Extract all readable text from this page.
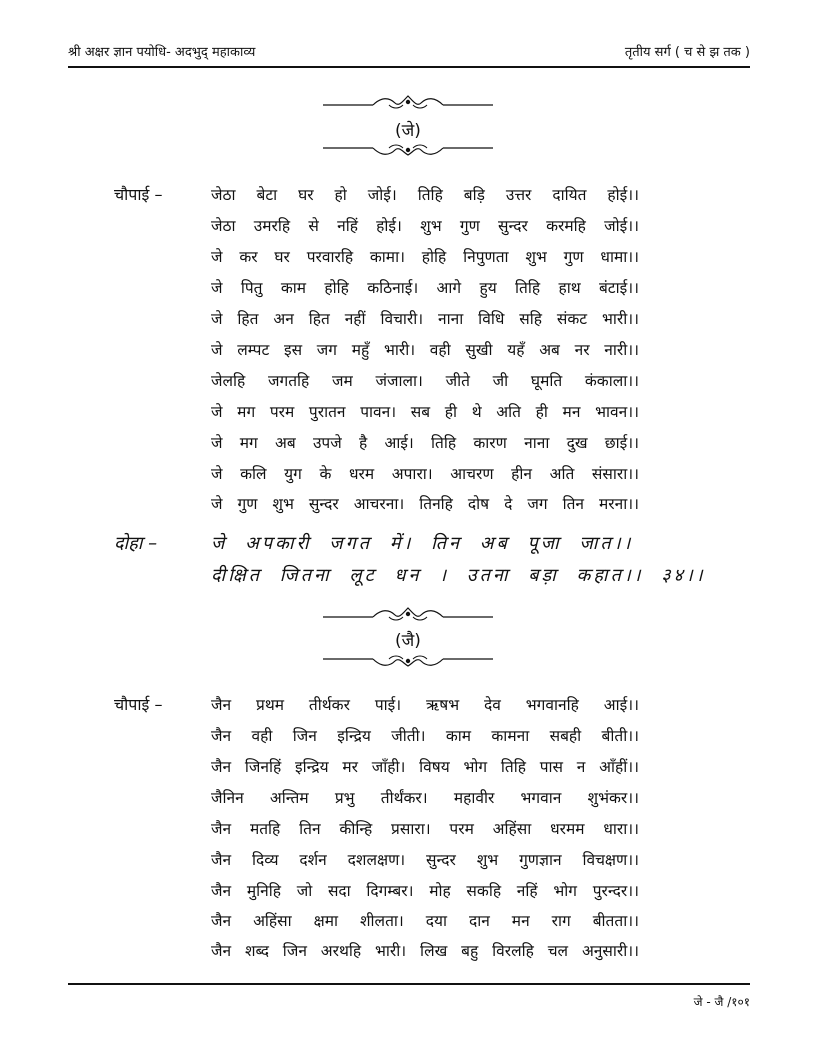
श्री अक्षर ज्ञान पयोधि- अदभुद् महाकाव्य	तृतीय सर्ग ( च से झ तक )
(जे)
चौपाई –	जेठा बेटा घर हो जोई। तिहि बड़ि उत्तर दायित होई।।
जेठा उमरहि से नहिं होई। शुभ गुण सुन्दर करमहि जोई।।
जे कर घर परवारहि कामा। होहि निपुणता शुभ गुण धामा।।
जे पितु काम होहि कठिनाई। आगे हुय तिहि हाथ बंटाई।।
जे हित अन हित नहीं विचारी। नाना विधि सहि संकट भारी।।
जे लम्पट इस जग महुँ भारी। वही सुखी यहँ अब नर नारी।।
जेलहि जगतहि जम जंजाला। जीते जी घूमति कंकाला।।
जे मग परम पुरातन पावन। सब ही थे अति ही मन भावन।।
जे मग अब उपजे है आई। तिहि कारण नाना दुख छाई।।
जे कलि युग के धरम अपारा। आचरण हीन अति संसारा।।
जे गुण शुभ सुन्दर आचरना। तिनहि दोष दे जग तिन मरना।।
दोहा –	जे अपकारी जगत में। तिन अब पूजा जात।।
दीक्षित जितना लूट धन । उतना बड़ा कहात।। ३४।।
(जै)
चौपाई –	जैन प्रथम तीर्थकर पाई। ऋषभ देव भगवानहि आई।।
जैन वही जिन इन्द्रिय जीती। काम कामना सबही बीती।।
जैन जिनहिं इन्द्रिय मर जाँही। विषय भोग तिहि पास न आँहीं।।
जैनिन अन्तिम प्रभु तीर्थंकर। महावीर भगवान शुभंकर।।
जैन मतहि तिन कीन्हि प्रसारा। परम अहिंसा धरमम धारा।।
जैन दिव्य दर्शन दशलक्षण। सुन्दर शुभ गुणज्ञान विचक्षण।।
जैन मुनिहि जो सदा दिगम्बर। मोह सकहि नहिं भोग पुरन्दर।।
जैन अहिंसा क्षमा शीलता। दया दान मन राग बीतता।।
जैन शब्द जिन अरथहि भारी। लिख बहु विरलहि चल अनुसारी।।
जे - जै /१०१
